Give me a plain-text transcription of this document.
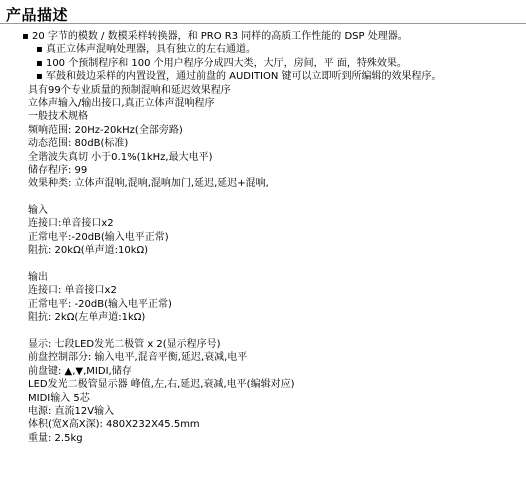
产品描述
▪ 20 字节的模数 / 数模采样转换器，和 PRO R3 同样的高质工作性能的 DSP 处理器。
▪ 真正立体声混响处理器，具有独立的左右通道。
▪ 100 个预制程序和 100 个用户程序分成四大类，大厅，房间，平 面，特殊效果。
▪ 军鼓和鼓边采样的内置设置，通过前盘的 AUDITION 键可以立即听到所编辑的效果程序。
具有99个专业质量的预制混响和延迟效果程序
立体声输入/输出接口,真正立体声混响程序
一般技术规格
频响范围: 20Hz-20kHz(全部旁路)
动态范围: 80dB(标准)
全谐波失真切 小于0.1%(1kHz,最大电平)
储存程序: 99
效果种类: 立体声混响,混响,混响加门,延迟,延迟+混响,
输入
连接口:单音接口x2
正常电平:-20dB(输入电平正常)
阻抗: 20kΩ(单声道:10kΩ)
输出
连接口: 单音接口x2
正常电平: -20dB(输入电平正常)
阻抗: 2kΩ(左单声道:1kΩ)
显示: 七段LED发光二极管 x 2(显示程序号)
前盘控制部分: 输入电平,混音平衡,延迟,衰减,电平
前盘键: ▲,▼,MIDI,储存
LED发光二极管显示器 峰值,左,右,延迟,衰减,电平(编辑对应)
MIDI输入 5芯
电源: 直流12V输入
体积(宽X高X深): 480X232X45.5mm
重量: 2.5kg
